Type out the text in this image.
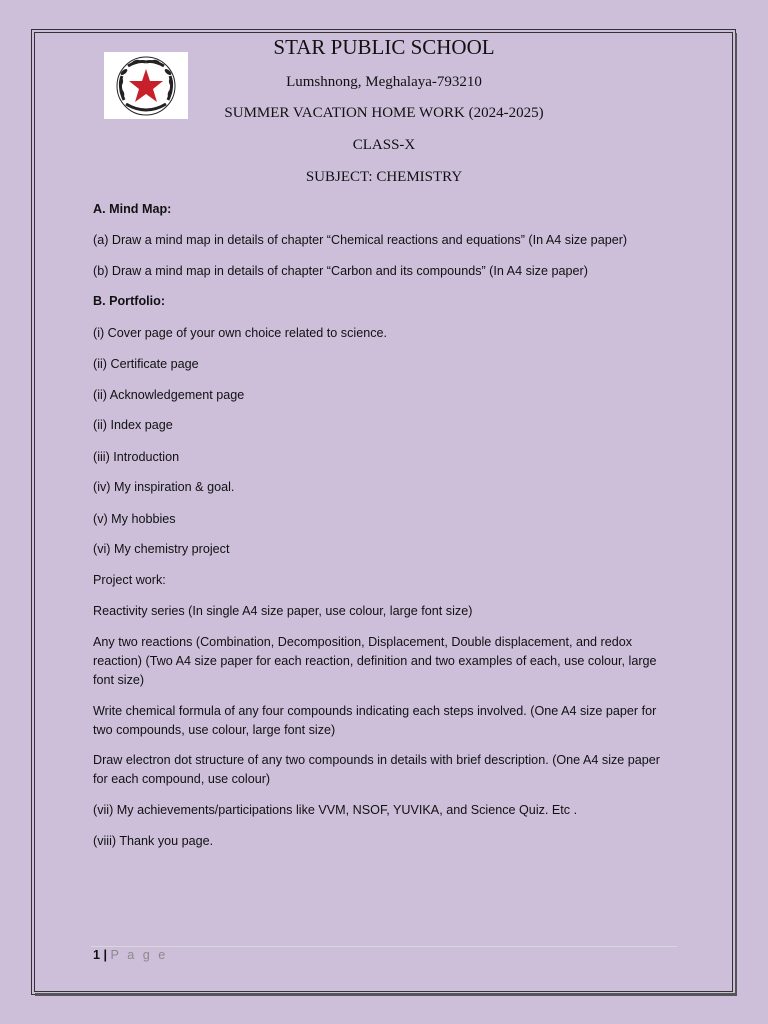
STAR PUBLIC SCHOOL
Lumshnong, Meghalaya-793210
SUMMER VACATION HOME WORK (2024-2025)
CLASS-X
SUBJECT: CHEMISTRY

A. Mind Map:

(a) Draw a mind map in details of chapter “Chemical reactions and equations” (In A4 size paper)

(b) Draw a mind map in details of chapter “Carbon and its compounds” (In A4 size paper)

B. Portfolio:

(i) Cover page of your own choice related to science.

(ii) Certificate page

(ii) Acknowledgement page

(ii) Index page

(iii) Introduction

(iv) My inspiration & goal.

(v) My hobbies

(vi) My chemistry project

Project work:

Reactivity series (In single A4 size paper, use colour, large font size)

Any two reactions (Combination, Decomposition, Displacement, Double displacement, and redox reaction) (Two A4 size paper for each reaction, definition and two examples of each, use colour, large font size)

Write chemical formula of any four compounds indicating each steps involved. (One A4 size paper for two compounds, use colour, large font size)

Draw electron dot structure of any two compounds in details with brief description. (One A4 size paper for each compound, use colour)

(vii) My achievements/participations like VVM, NSOF, YUVIKA, and Science Quiz. Etc .

(viii) Thank you page.

1 | P a g e
